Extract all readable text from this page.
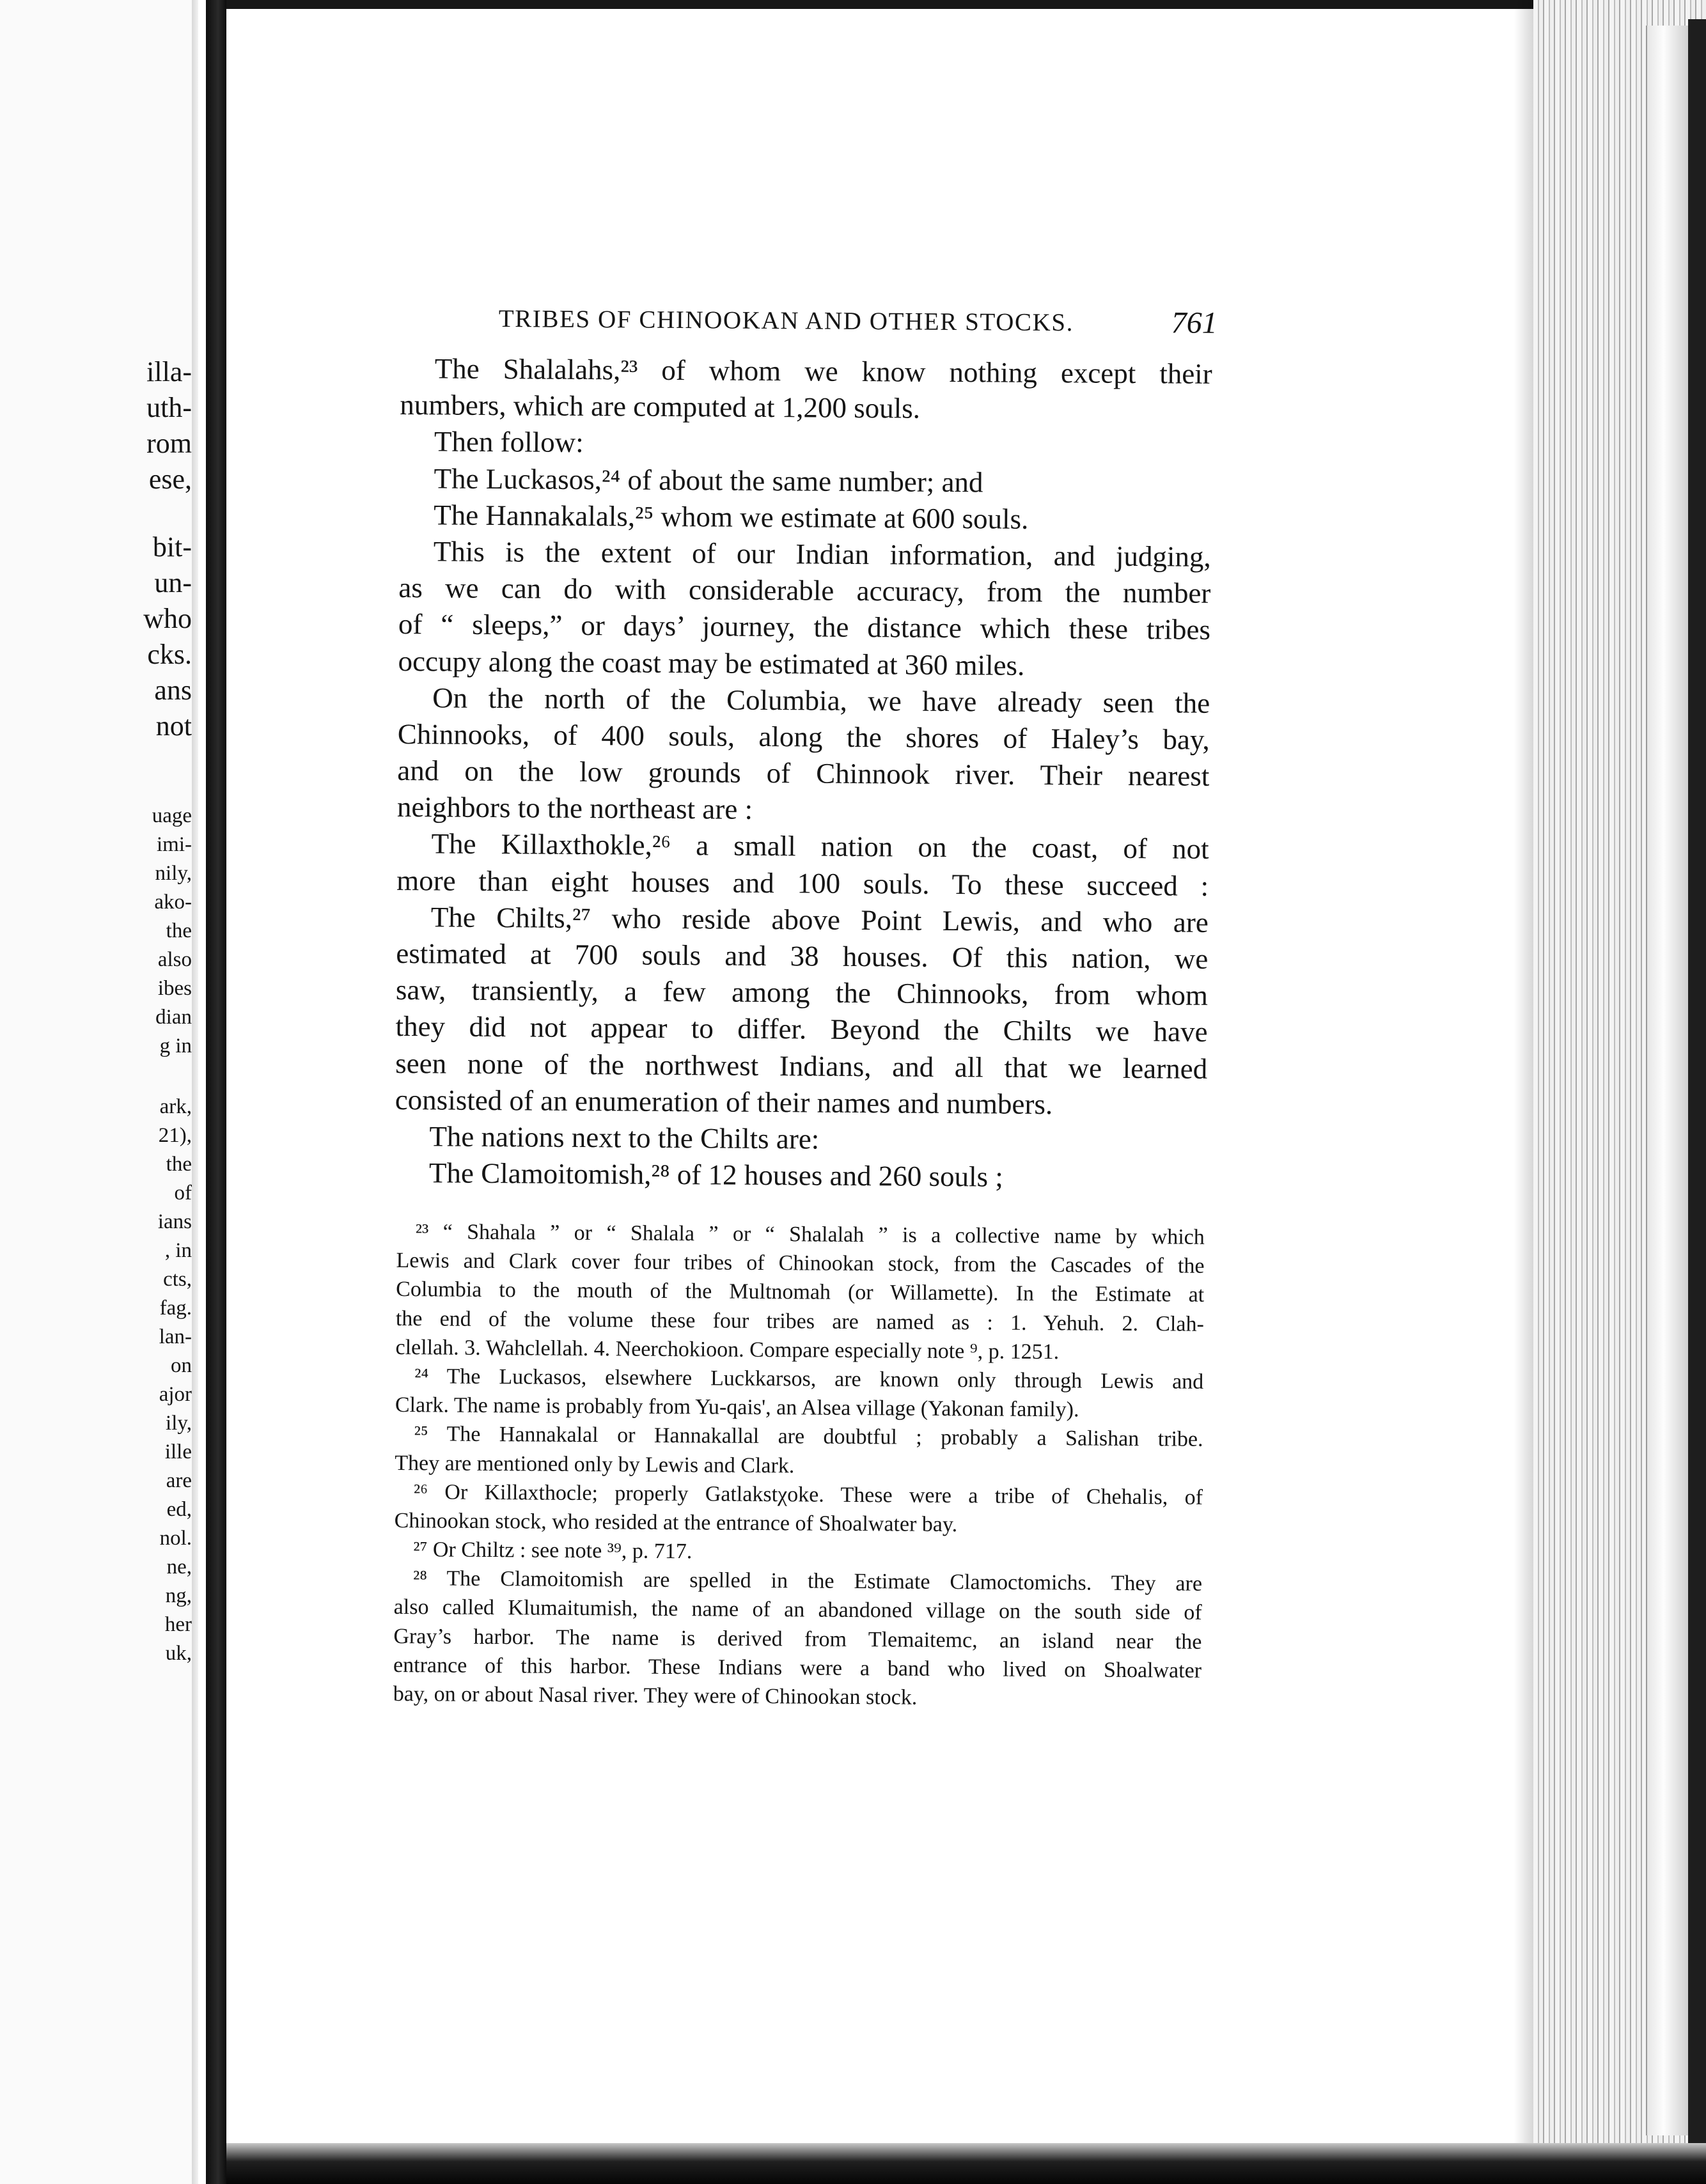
illa-

uth-

rom

ese,

bit-

un-

who

cks.

ans

not

uage

imi-

nily,

ako-

the

also

ibes

dian

g in

ark,

21),

the

of

ians

, in

cts,

fag.

lan-

on

ajor

ily,

ille

are

ed,

nol.

ne,

ng,

her

uk,

TRIBES OF CHINOOKAN AND OTHER STOCKS.	761

The Shalalahs,²³ of whom we know nothing except their

numbers, which are computed at 1,200 souls.

Then follow:

The Luckasos,²⁴ of about the same number; and

The Hannakalals,²⁵ whom we estimate at 600 souls.

This is the extent of our Indian information, and judging,

as we can do with considerable accuracy, from the number

of “ sleeps,” or days’ journey, the distance which these tribes

occupy along the coast may be estimated at 360 miles.

On the north of the Columbia, we have already seen the

Chinnooks, of 400 souls, along the shores of Haley’s bay,

and on the low grounds of Chinnook river. Their nearest

neighbors to the northeast are :

The Killaxthokle,²⁶ a small nation on the coast, of not

more than eight houses and 100 souls. To these succeed :

The Chilts,²⁷ who reside above Point Lewis, and who are

estimated at 700 souls and 38 houses. Of this nation, we

saw, transiently, a few among the Chinnooks, from whom

they did not appear to differ. Beyond the Chilts we have

seen none of the northwest Indians, and all that we learned

consisted of an enumeration of their names and numbers.

The nations next to the Chilts are:

The Clamoitomish,²⁸ of 12 houses and 260 souls ;

²³ “ Shahala ” or “ Shalala ” or “ Shalalah ” is a collective name by which

Lewis and Clark cover four tribes of Chinookan stock, from the Cascades of the

Columbia to the mouth of the Multnomah (or Willamette). In the Estimate at

the end of the volume these four tribes are named as : 1. Yehuh. 2. Clah-

clellah. 3. Wahclellah. 4. Neerchokioon. Compare especially note ⁹, p. 1251.

²⁴ The Luckasos, elsewhere Luckkarsos, are known only through Lewis and

Clark. The name is probably from Yu-qais', an Alsea village (Yakonan family).

²⁵ The Hannakalal or Hannakallal are doubtful ; probably a Salishan tribe.

They are mentioned only by Lewis and Clark.

²⁶ Or Killaxthocle; properly Gatlakstχoke. These were a tribe of Chehalis, of

Chinookan stock, who resided at the entrance of Shoalwater bay.

²⁷ Or Chiltz : see note ³⁹, p. 717.

²⁸ The Clamoitomish are spelled in the Estimate Clamoctomichs. They are

also called Klumaitumish, the name of an abandoned village on the south side of

Gray’s harbor. The name is derived from Tlemaitemc, an island near the

entrance of this harbor. These Indians were a band who lived on Shoalwater

bay, on or about Nasal river. They were of Chinookan stock.
